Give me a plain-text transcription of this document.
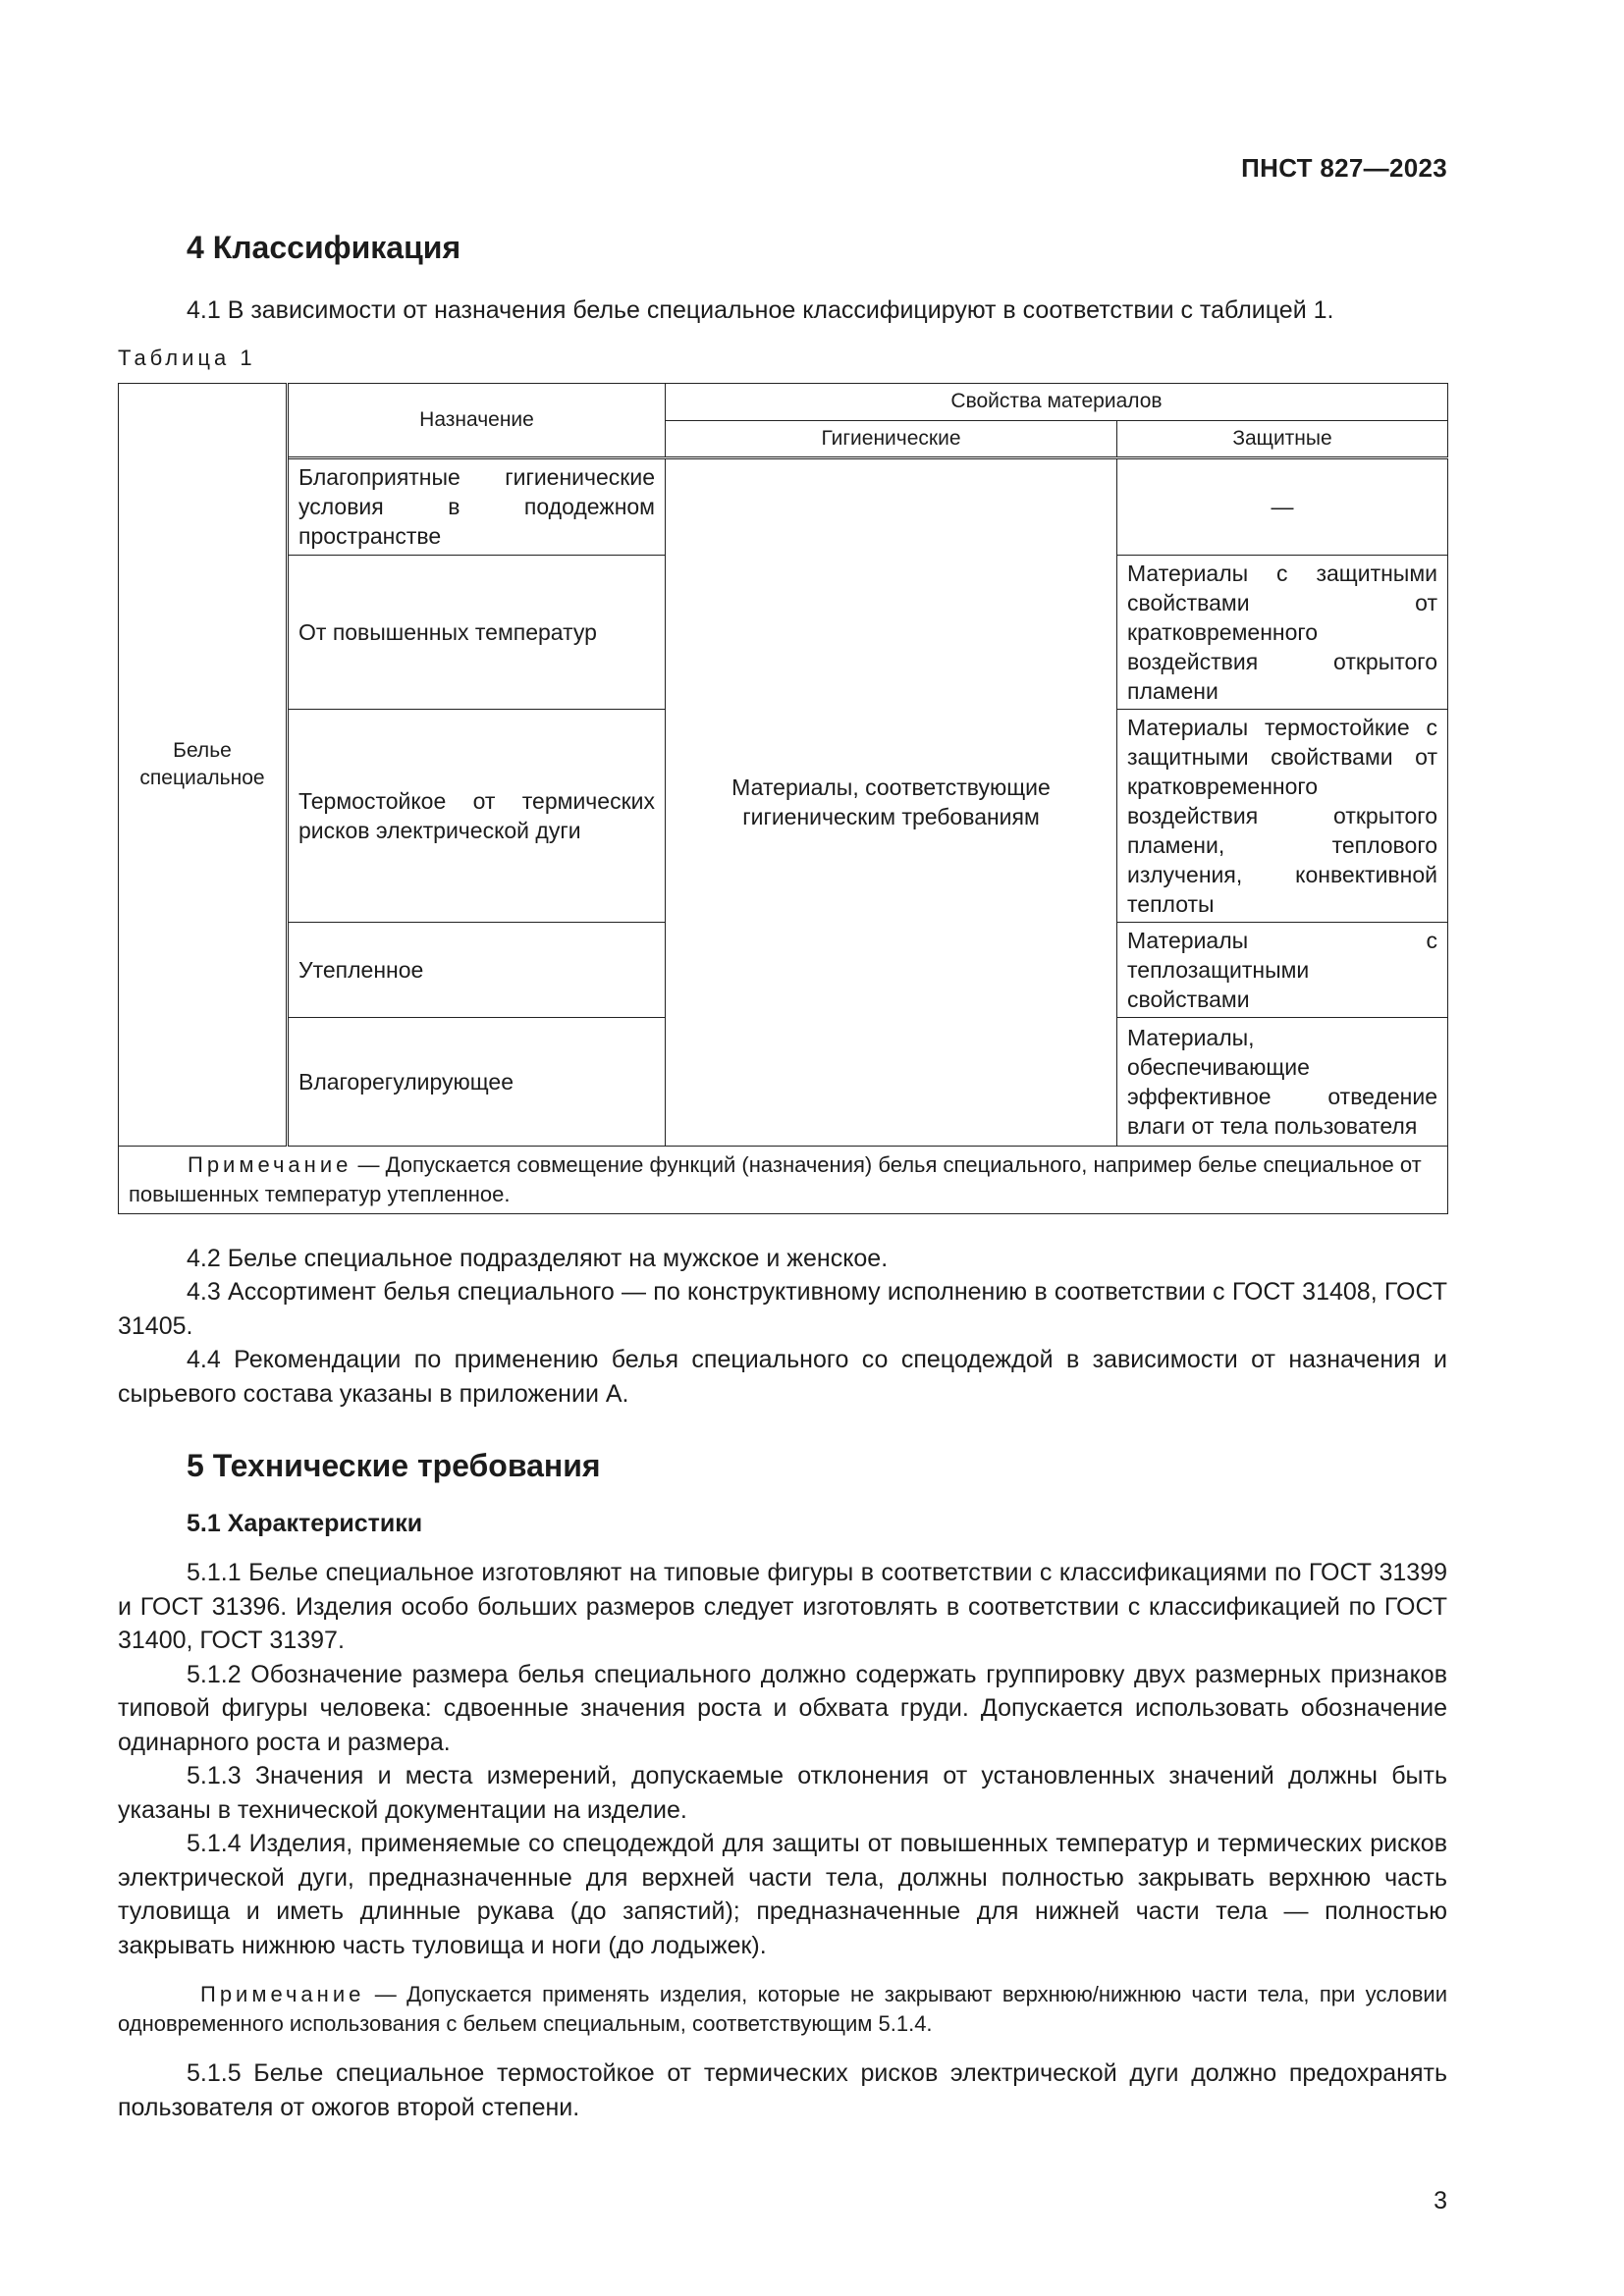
ПНСТ 827—2023
4 Классификация

4.1 В зависимости от назначения белье специальное классифицируют в соответствии с таблицей 1.

Таблица 1
Белье специальное	Назначение	Свойства материалов	
		Гигиенические	Защитные
	Благоприятные гигиенические условия в пододежном пространстве	Материалы, соответствующие гигиеническим требованиям	—
	От повышенных температур		Материалы с защитными свойствами от кратковременного воздействия открытого пламени
	Термостойкое от термических рисков электрической дуги		Материалы термостойкие с защитными свойствами от кратковременного воздействия открытого пламени, теплового излучения, конвективной теплоты
	Утепленное		Материалы с теплозащитными свойствами
	Влагорегулирующее		Материалы, обеспечивающие эффективное отведение влаги от тела пользователя
Примечание — Допускается совмещение функций (назначения) белья специального, например белье специальное от повышенных температур утепленное.			

4.2 Белье специальное подразделяют на мужское и женское.

4.3 Ассортимент белья специального — по конструктивному исполнению в соответствии с ГОСТ 31408, ГОСТ 31405.

4.4 Рекомендации по применению белья специального со спецодеждой в зависимости от назначения и сырьевого состава указаны в приложении А.

5 Технические требования
5.1 Характеристики

5.1.1 Белье специальное изготовляют на типовые фигуры в соответствии с классификациями по ГОСТ 31399 и ГОСТ 31396. Изделия особо больших размеров следует изготовлять в соответствии с классификацией по ГОСТ 31400, ГОСТ 31397.

5.1.2 Обозначение размера белья специального должно содержать группировку двух размерных признаков типовой фигуры человека: сдвоенные значения роста и обхвата груди. Допускается использовать обозначение одинарного роста и размера.

5.1.3 Значения и места измерений, допускаемые отклонения от установленных значений должны быть указаны в технической документации на изделие.

5.1.4 Изделия, применяемые со спецодеждой для защиты от повышенных температур и термических рисков электрической дуги, предназначенные для верхней части тела, должны полностью закрывать верхнюю часть туловища и иметь длинные рукава (до запястий); предназначенные для нижней части тела — полностью закрывать нижнюю часть туловища и ноги (до лодыжек).

Примечание — Допускается применять изделия, которые не закрывают верхнюю/нижнюю части тела, при условии одновременного использования с бельем специальным, соответствующим 5.1.4.

5.1.5 Белье специальное термостойкое от термических рисков электрической дуги должно предохранять пользователя от ожогов второй степени.

3
